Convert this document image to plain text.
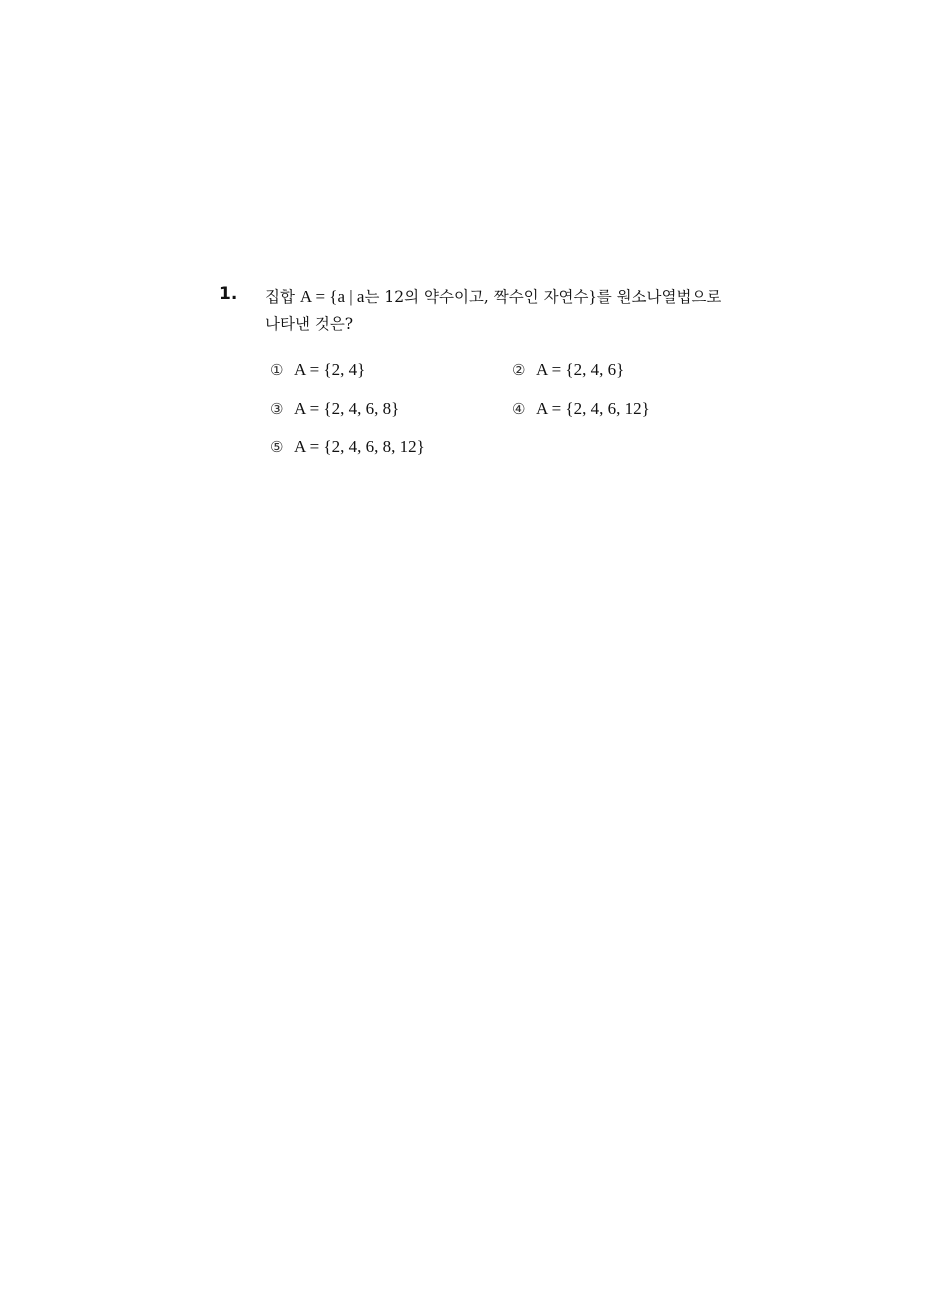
1. 집합 A = {a | a는 12의 약수이고, 짝수인 자연수}를 원소나열법으로
나타낸 것은?
① A = {2, 4}	② A = {2, 4, 6}
③ A = {2, 4, 6, 8}	④ A = {2, 4, 6, 12}
⑤ A = {2, 4, 6, 8, 12}
